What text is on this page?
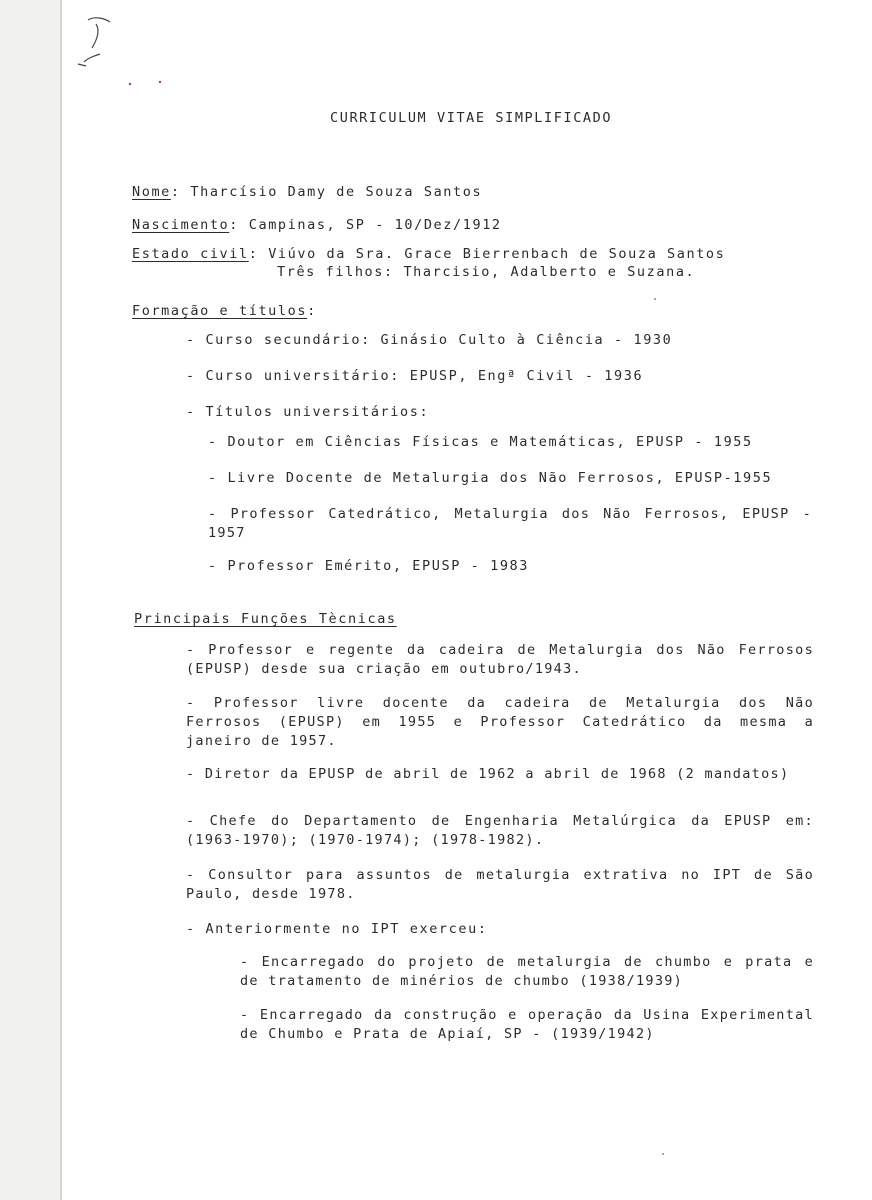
CURRICULUM VITAE SIMPLIFICADO
Nome: Tharcísio Damy de Souza Santos
Nascimento: Campinas, SP - 10/Dez/1912
Estado civil: Viúvo da Sra. Grace Bierrenbach de Souza Santos
Três filhos: Tharcisio, Adalberto e Suzana.
Formação e títulos:
- Curso secundário: Ginásio Culto à Ciência - 1930
- Curso universitário: EPUSP, Engª Civil - 1936
- Títulos universitários:
- Doutor em Ciências Físicas e Matemáticas, EPUSP - 1955
- Livre Docente de Metalurgia dos Não Ferrosos, EPUSP-1955
- Professor Catedrático, Metalurgia dos Não Ferrosos, EPUSP - 1957
- Professor Emérito, EPUSP - 1983
Principais Funções Tècnicas
- Professor e regente da cadeira de Metalurgia dos Não Ferrosos (EPUSP) desde sua criação em outubro/1943.
- Professor livre docente da cadeira de Metalurgia dos Não Ferrosos (EPUSP) em 1955 e Professor Catedrático da mesma a janeiro de 1957.
- Diretor da EPUSP de abril de 1962 a abril de 1968 (2 mandatos)
- Chefe do Departamento de Engenharia Metalúrgica da EPUSP em: (1963-1970); (1970-1974); (1978-1982).
- Consultor para assuntos de metalurgia extrativa no IPT de São Paulo, desde 1978.
- Anteriormente no IPT exerceu:
- Encarregado do projeto de metalurgia de chumbo e prata e de tratamento de minérios de chumbo (1938/1939)
- Encarregado da construção e operação da Usina Experimental de Chumbo e Prata de Apiaí, SP - (1939/1942)
